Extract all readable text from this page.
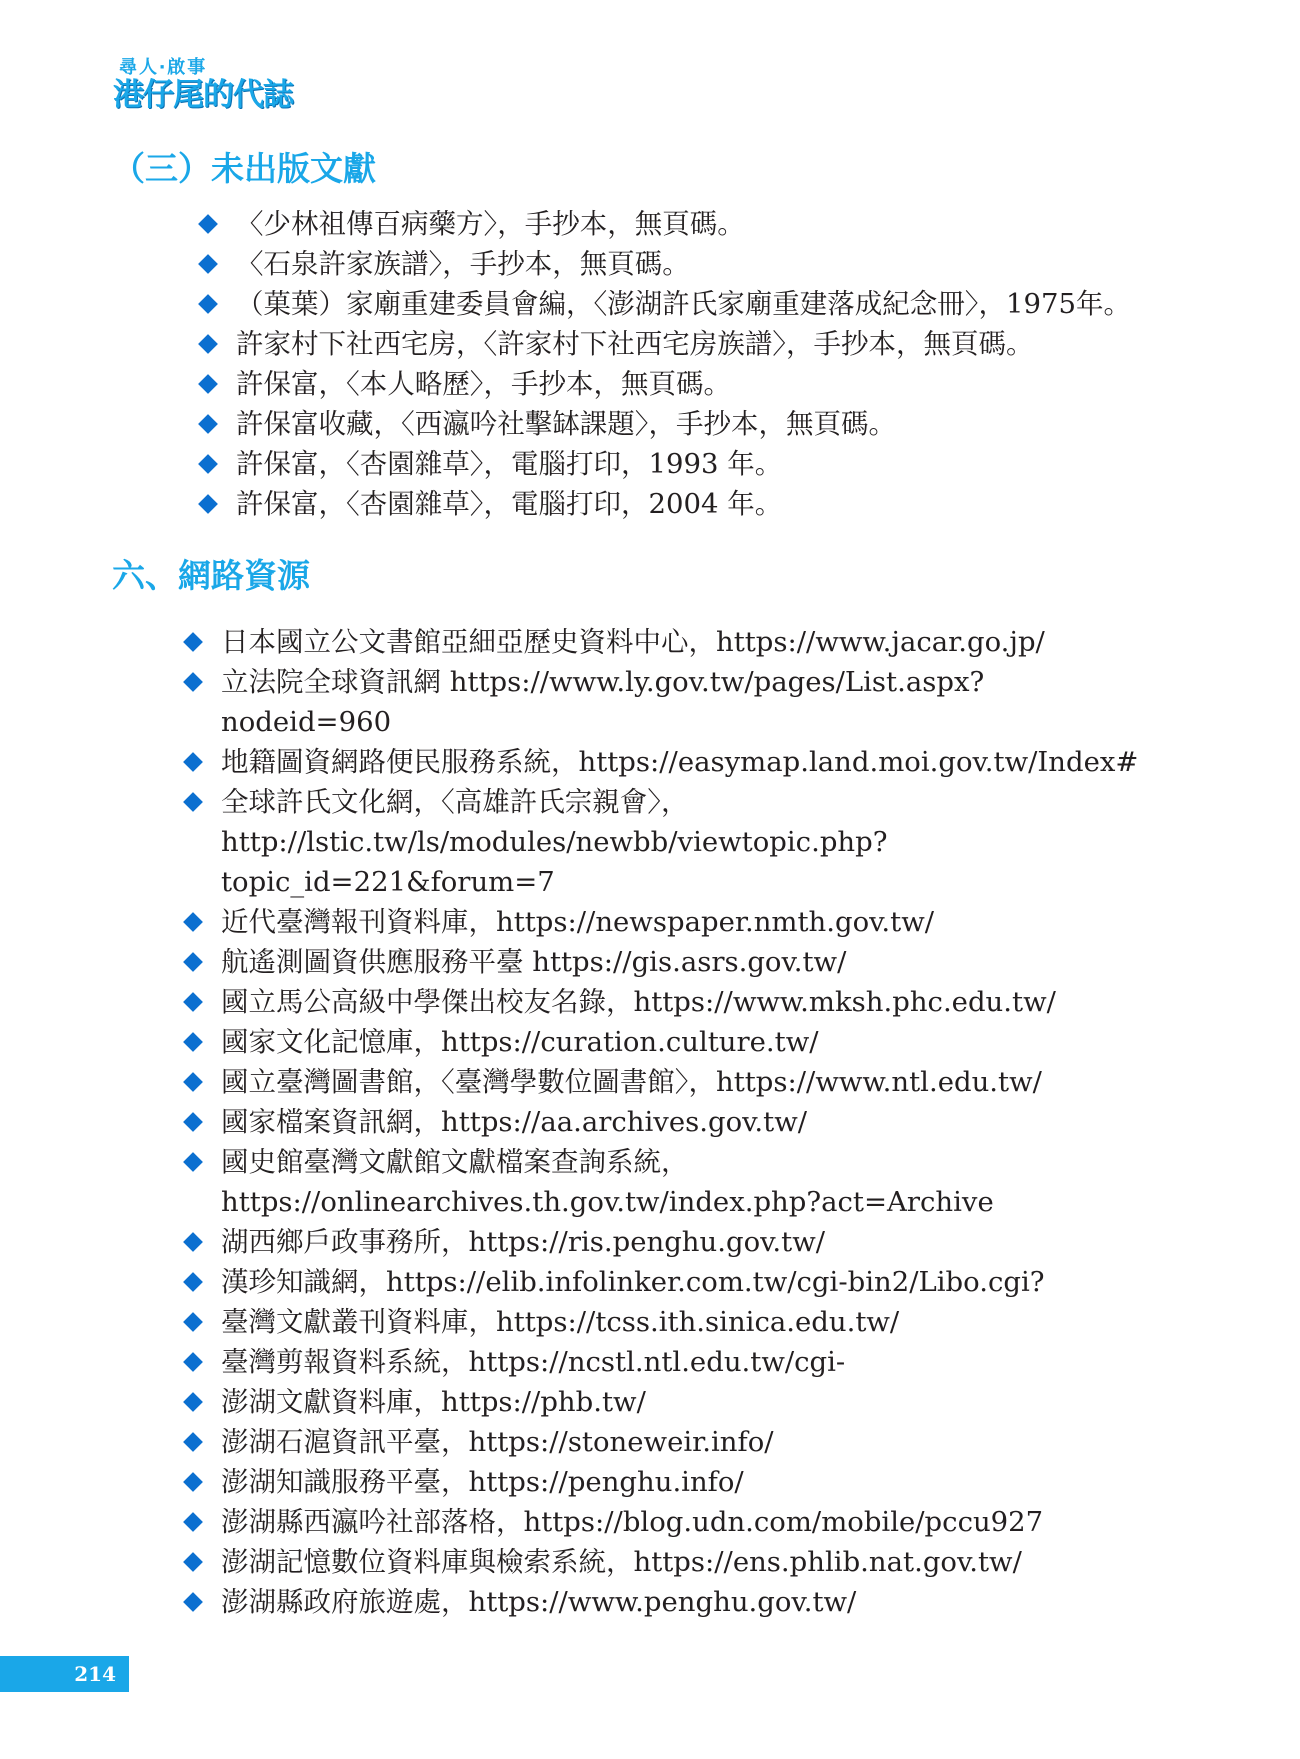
尋人‧啟事
港仔尾的代誌
（三）未出版文獻
〈少林祖傳百病藥方〉，手抄本，無頁碼。
〈石泉許家族譜〉，手抄本，無頁碼。
（菓葉）家廟重建委員會編，〈澎湖許氏家廟重建落成紀念冊〉，1975年。
許家村下社西宅房，〈許家村下社西宅房族譜〉，手抄本，無頁碼。
許保富，〈本人略歷〉，手抄本，無頁碼。
許保富收藏，〈西瀛吟社擊缽課題〉，手抄本，無頁碼。
許保富，〈杏園雜草〉，電腦打印，1993 年。
許保富，〈杏園雜草〉，電腦打印，2004 年。
六、網路資源
日本國立公文書館亞細亞歷史資料中心，https://www.jacar.go.jp/
立法院全球資訊網 https://www.ly.gov.tw/pages/List.aspx?nodeid=960
地籍圖資網路便民服務系統，https://easymap.land.moi.gov.tw/Index#
全球許氏文化網，〈高雄許氏宗親會〉，http://lstic.tw/ls/modules/newbb/viewtopic.php?topic_id=221&forum=7
近代臺灣報刊資料庫，https://newspaper.nmth.gov.tw/
航遙測圖資供應服務平臺 https://gis.asrs.gov.tw/
國立馬公高級中學傑出校友名錄，https://www.mksh.phc.edu.tw/
國家文化記憶庫，https://curation.culture.tw/
國立臺灣圖書館，〈臺灣學數位圖書館〉，https://www.ntl.edu.tw/
國家檔案資訊網，https://aa.archives.gov.tw/
國史館臺灣文獻館文獻檔案查詢系統，https://onlinearchives.th.gov.tw/index.php?act=Archive
湖西鄉戶政事務所，https://ris.penghu.gov.tw/
漢珍知識網，https://elib.infolinker.com.tw/cgi-bin2/Libo.cgi?
臺灣文獻叢刊資料庫，https://tcss.ith.sinica.edu.tw/
臺灣剪報資料系統，https://ncstl.ntl.edu.tw/cgi-
澎湖文獻資料庫，https://phb.tw/
澎湖石滬資訊平臺，https://stoneweir.info/
澎湖知識服務平臺，https://penghu.info/
澎湖縣西瀛吟社部落格，https://blog.udn.com/mobile/pccu927
澎湖記憶數位資料庫與檢索系統，https://ens.phlib.nat.gov.tw/
澎湖縣政府旅遊處，https://www.penghu.gov.tw/
214
